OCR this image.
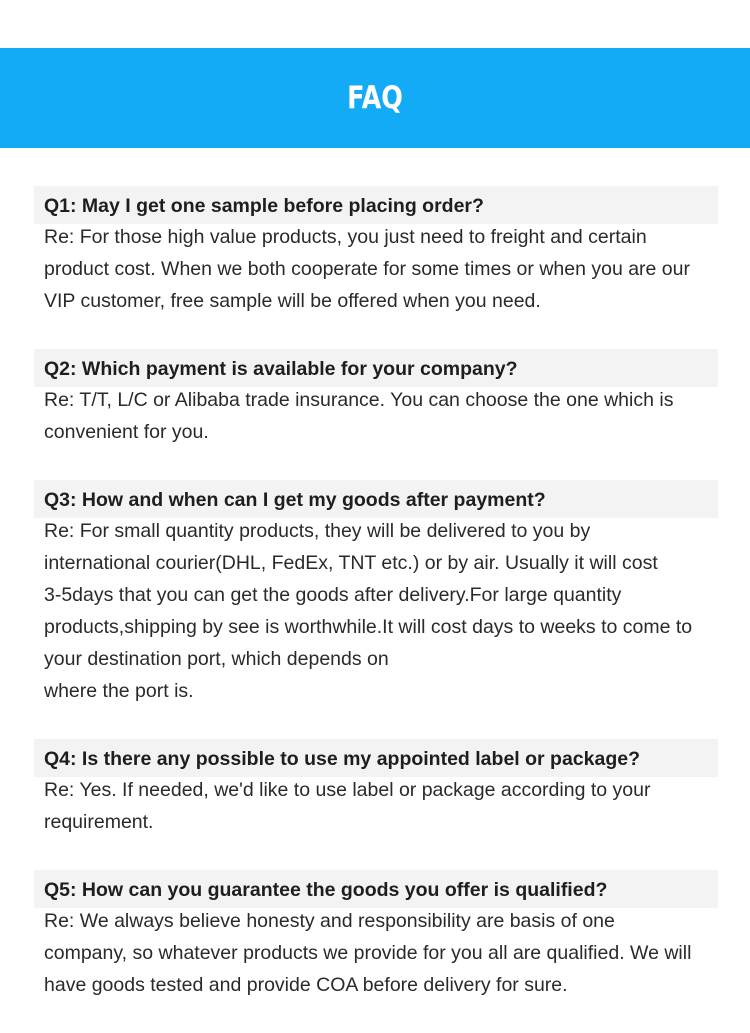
FAQ
Q1: May I get one sample before placing order?
Re: For those high value products, you just need to freight and certain
product cost. When we both cooperate for some times or when you are our
VIP customer, free sample will be offered when you need.
Q2: Which payment is available for your company?
Re: T/T, L/C or Alibaba trade insurance. You can choose the one which is
convenient for you.
Q3: How and when can I get my goods after payment?
Re: For small quantity products, they will be delivered to you by
international courier(DHL, FedEx, TNT etc.) or by air. Usually it will cost
3-5days that you can get the goods after delivery.For large quantity
products,shipping by see is worthwhile.It will cost days to weeks to come to
your destination port, which depends on
where the port is.
Q4: Is there any possible to use my appointed label or package?
Re: Yes. If needed, we'd like to use label or package according to your
requirement.
Q5: How can you guarantee the goods you offer is qualified?
Re: We always believe honesty and responsibility are basis of one
company, so whatever products we provide for you all are qualified. We will
have goods tested and provide COA before delivery for sure.
